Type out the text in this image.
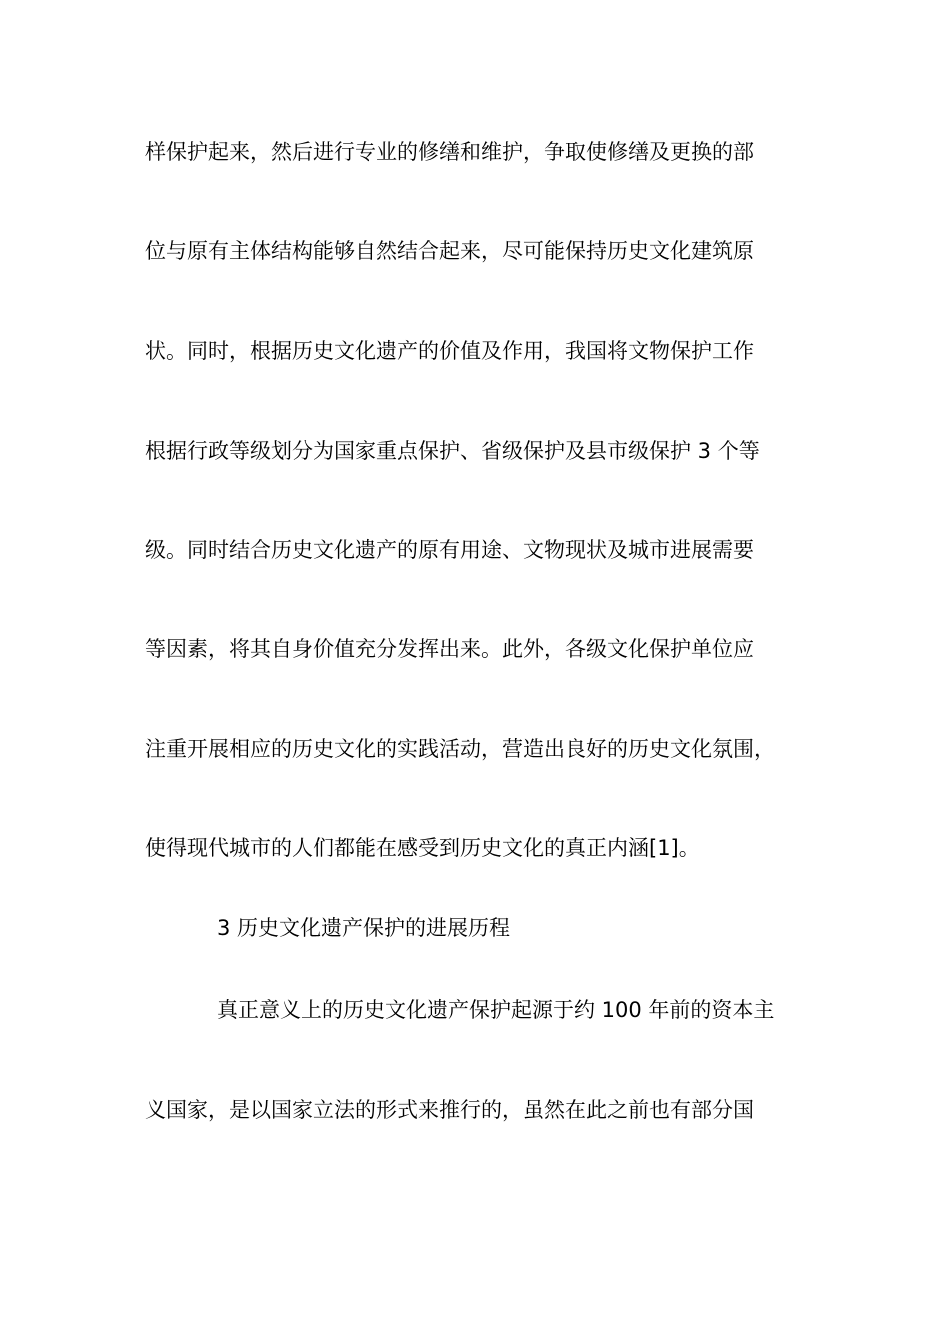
样保护起来，然后进行专业的修缮和维护，争取使修缮及更换的部
位与原有主体结构能够自然结合起来，尽可能保持历史文化建筑原
状。同时，根据历史文化遗产的价值及作用，我国将文物保护工作
根据行政等级划分为国家重点保护、省级保护及县市级保护 3 个等
级。同时结合历史文化遗产的原有用途、文物现状及城市进展需要
等因素，将其自身价值充分发挥出来。此外，各级文化保护单位应
注重开展相应的历史文化的实践活动，营造出良好的历史文化氛围，
使得现代城市的人们都能在感受到历史文化的真正内涵[1]。
3 历史文化遗产保护的进展历程
真正意义上的历史文化遗产保护起源于约 100 年前的资本主
义国家，是以国家立法的形式来推行的，虽然在此之前也有部分国
